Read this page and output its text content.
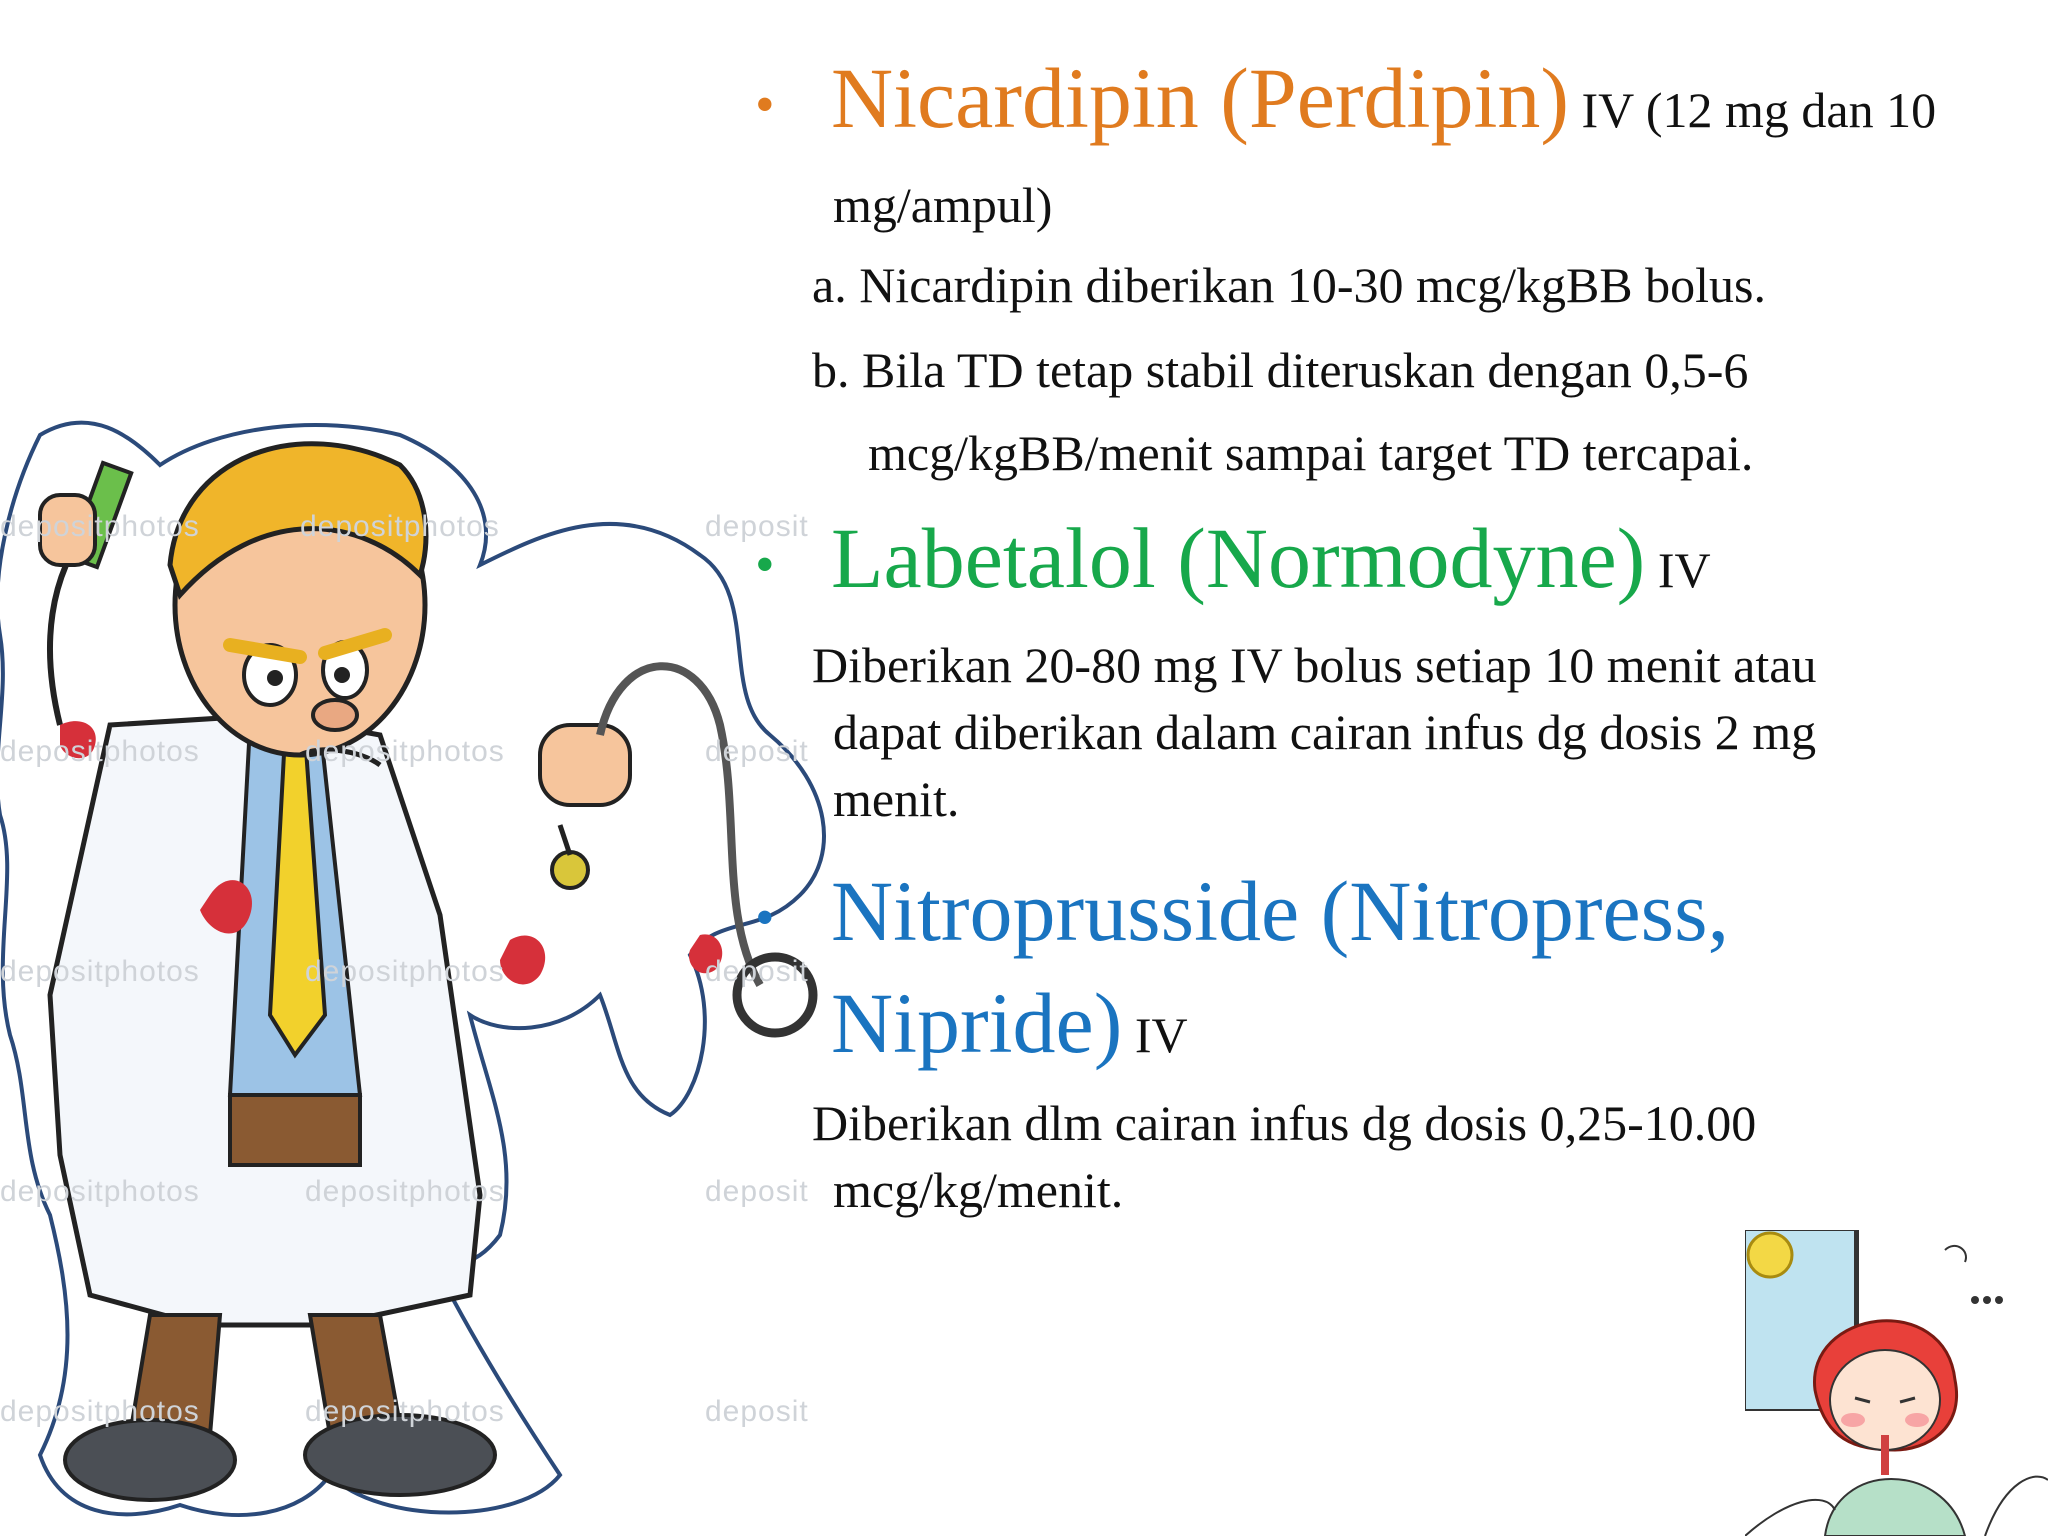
depositphotos	depositphotos	deposit
depositphotos	depositphotos	deposit
depositphotos	depositphotos	deposit
depositphotos	depositphotos	deposit
deposit
depositphotos
depositphotos
• Nicardipin (Perdipin) IV (12 mg dan 10
mg/ampul)
a. Nicardipin diberikan 10-30 mcg/kgBB bolus.
b. Bila TD tetap stabil diteruskan dengan 0,5-6
mcg/kgBB/menit sampai target TD tercapai.
• Labetalol (Normodyne) IV
Diberikan 20-80 mg IV bolus setiap 10 menit atau
dapat diberikan dalam cairan infus dg dosis 2 mg
menit.
• Nitroprusside (Nitropress,
Nipride) IV
Diberikan dlm cairan infus dg dosis 0,25-10.00
mcg/kg/menit.
